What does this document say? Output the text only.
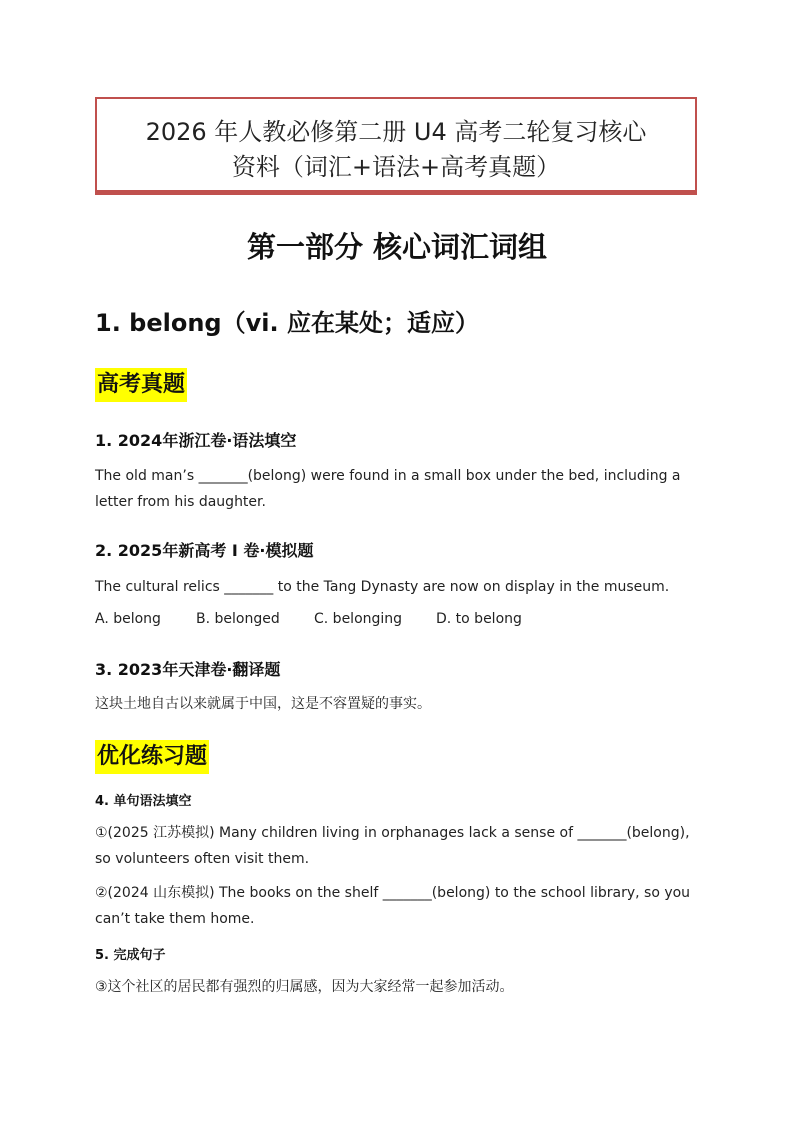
2026 年人教必修第二册 U4 高考二轮复习核心
资料（词汇+语法+高考真题）
第一部分 核心词汇词组
1. belong（vi. 应在某处；适应）
高考真题
1. 2024年浙江卷·语法填空
The old man’s _______(belong) were found in a small box under the bed, including a letter from his daughter.
2. 2025年新高考 Ⅰ 卷·模拟题
The cultural relics _______ to the Tang Dynasty are now on display in the museum.
A. belong	B. belonged C. belonging D. to belong
3. 2023年天津卷·翻译题
这块土地自古以来就属于中国，这是不容置疑的事实。
优化练习题
4. 单句语法填空
①(2025 江苏模拟) Many children living in orphanages lack a sense of _______(belong), so volunteers often visit them.
②(2024 山东模拟) The books on the shelf _______(belong) to the school library, so you can’t take them home.
5. 完成句子
③这个社区的居民都有强烈的归属感，因为大家经常一起参加活动。
